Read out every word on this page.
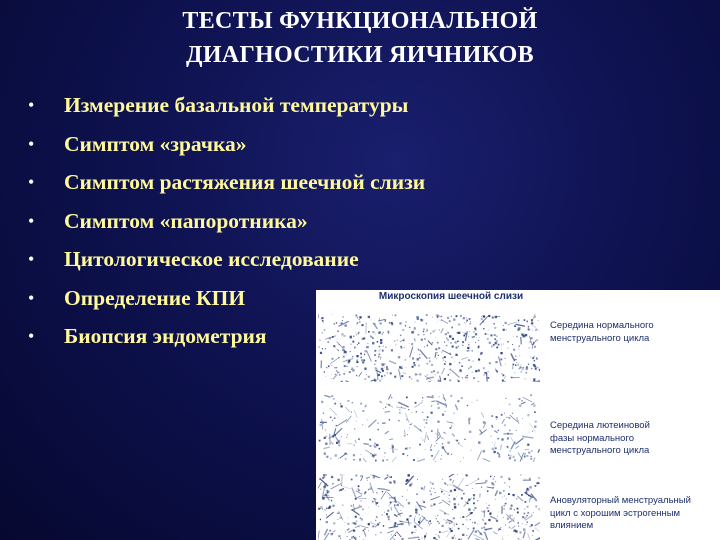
ТЕСТЫ ФУНКЦИОНАЛЬНОЙ
ДИАГНОСТИКИ ЯИЧНИКОВ
• Измерение базальной температуры
• Симптом «зрачка»
• Симптом растяжения шеечной слизи
• Симптом «папоротника»
• Цитологическое исследование
• Определение КПИ
• Биопсия эндометрия
Микроскопия шеечной слизи
Середина нормального
менструального цикла
Середина лютеиновой
фазы нормального
менструального цикла
Ановуляторный менструальный
цикл с хорошим эстрогенным
влиянием
